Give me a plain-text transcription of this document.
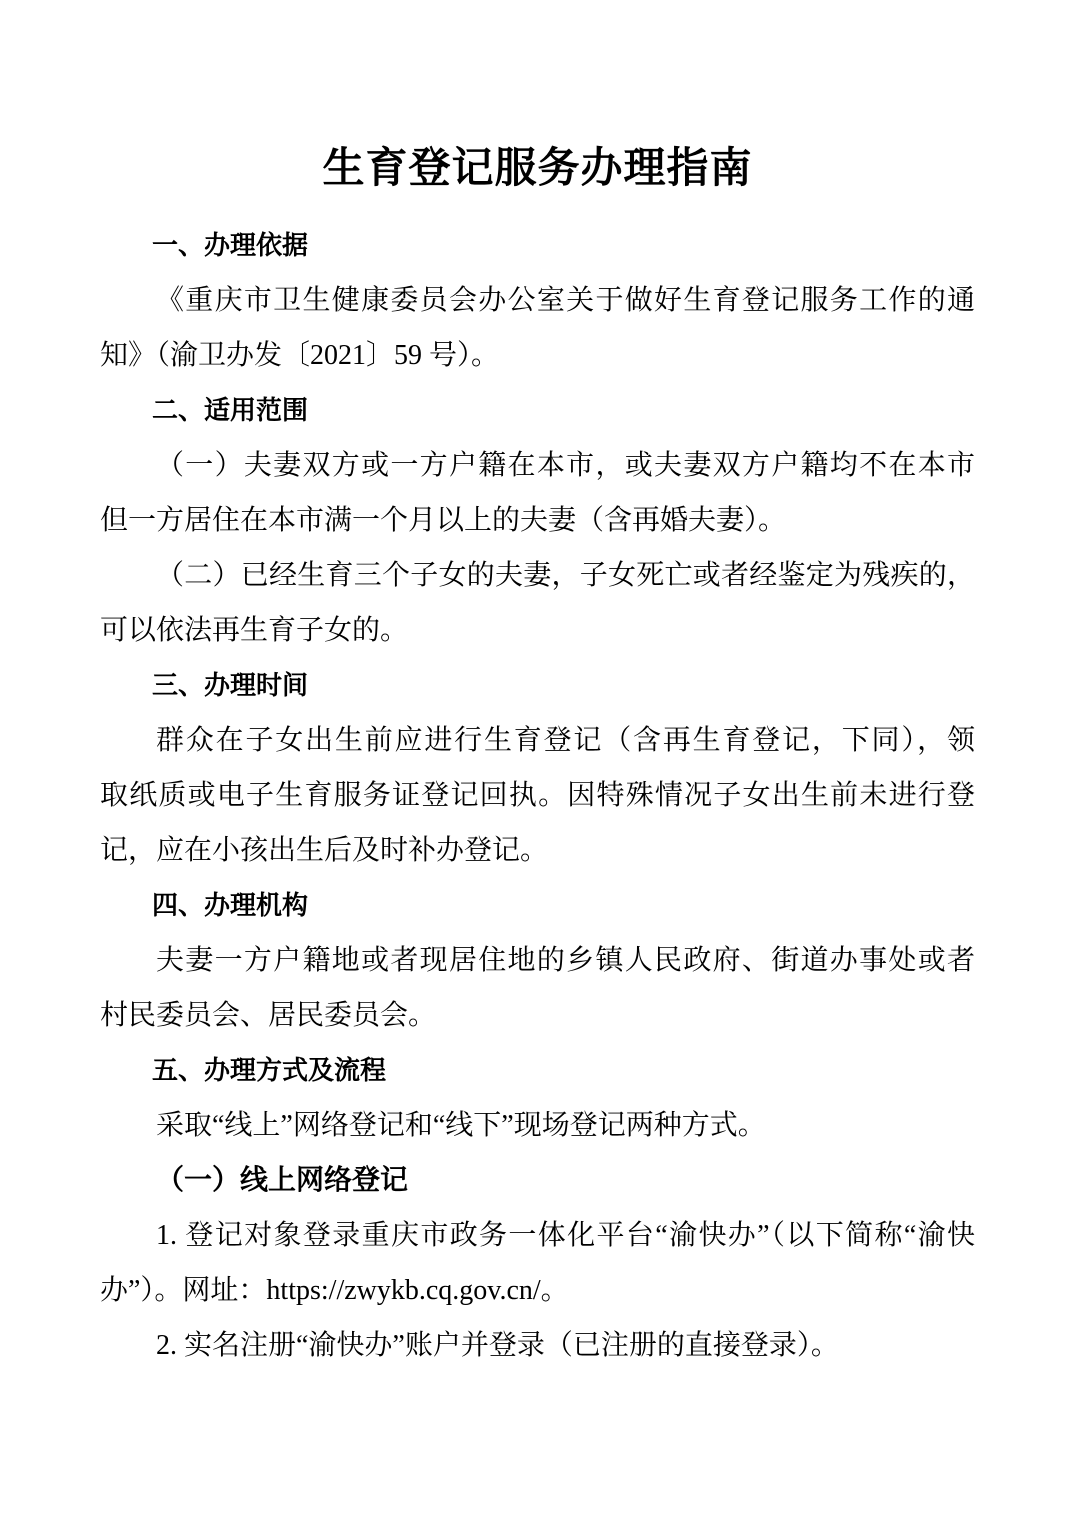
生育登记服务办理指南
一、办理依据
《重庆市卫生健康委员会办公室关于做好生育登记服务工作的通
知》（渝卫办发〔2021〕59 号）。
二、适用范围
（一）夫妻双方或一方户籍在本市，或夫妻双方户籍均不在本市
但一方居住在本市满一个月以上的夫妻（含再婚夫妻）。
（二）已经生育三个子女的夫妻，子女死亡或者经鉴定为残疾的，
可以依法再生育子女的。
三、办理时间
群众在子女出生前应进行生育登记（含再生育登记，下同），领
取纸质或电子生育服务证登记回执。因特殊情况子女出生前未进行登
记，应在小孩出生后及时补办登记。
四、办理机构
夫妻一方户籍地或者现居住地的乡镇人民政府、街道办事处或者
村民委员会、居民委员会。
五、办理方式及流程
采取“线上”网络登记和“线下”现场登记两种方式。
（一）线上网络登记
1. 登记对象登录重庆市政务一体化平台“渝快办”（以下简称“渝快
办”）。网址：https://zwykb.cq.gov.cn/。
2. 实名注册“渝快办”账户并登录（已注册的直接登录）。
